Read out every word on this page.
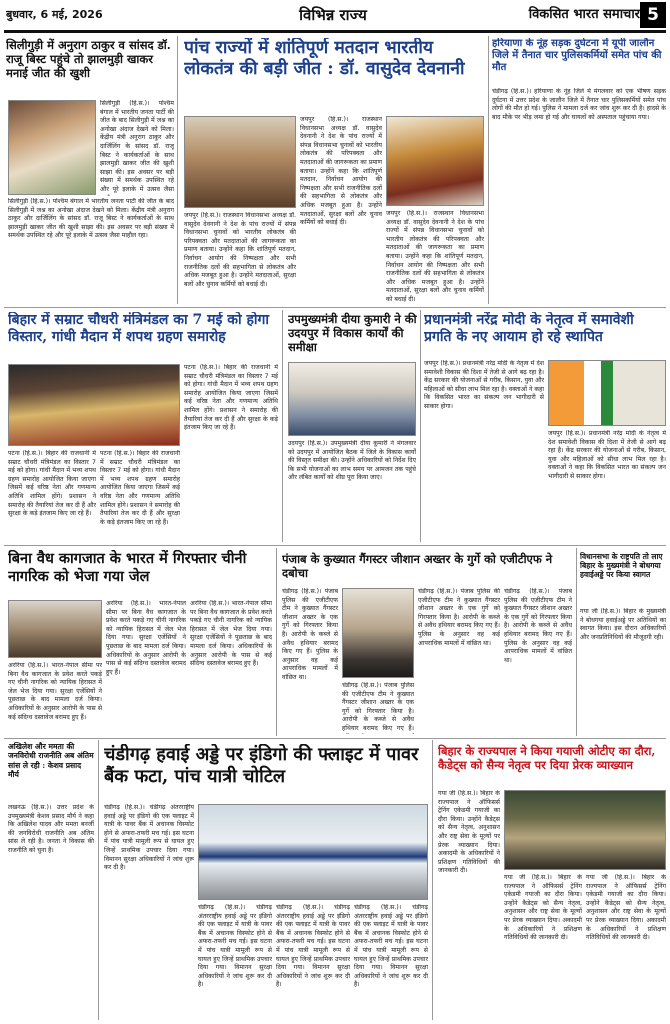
बुधवार, 6 मई, 2026	विभिन्न राज्य	विकसित भारत समाचार 5
सिलीगुड़ी में अनुराग ठाकुर व सांसद डॉ. राजू बिस्ट पहुंचे तो झालमुड़ी खाकर मनाई जीत की खुशी
सिलीगुड़ी (हि.स.)। पश्चिम बंगाल में भारतीय जनता पार्टी की जीत के बाद सिलीगुड़ी में जश्न का अनोखा अंदाज देखने को मिला। केंद्रीय मंत्री अनुराग ठाकुर और दार्जिलिंग के सांसद डॉ. राजू बिस्ट ने कार्यकर्ताओं के साथ झालमुड़ी खाकर जीत की खुशी साझा की। इस अवसर पर बड़ी संख्या में समर्थक उपस्थित रहे और पूरे इलाके में उत्सव जैसा
सिलीगुड़ी (हि.स.)। पश्चिम बंगाल में भारतीय जनता पार्टी की जीत के बाद सिलीगुड़ी में जश्न का अनोखा अंदाज देखने को मिला। केंद्रीय मंत्री अनुराग ठाकुर और दार्जिलिंग के सांसद डॉ. राजू बिस्ट ने कार्यकर्ताओं के साथ झालमुड़ी खाकर जीत की खुशी साझा की। इस अवसर पर बड़ी संख्या में समर्थक उपस्थित रहे और पूरे इलाके में उत्सव जैसा माहौल रहा।
पांच राज्यों में शांतिपूर्ण मतदान भारतीय लोकतंत्र की बड़ी जीत : डॉ. वासुदेव देवनानी
जयपुर (हि.स.)। राजस्थान विधानसभा अध्यक्ष डॉ. वासुदेव देवनानी ने देश के पांच राज्यों में संपन्न विधानसभा चुनावों को भारतीय लोकतंत्र की परिपक्वता और मतदाताओं की जागरूकता का प्रमाण बताया। उन्होंने कहा कि शांतिपूर्ण मतदान, निर्वाचन आयोग की निष्पक्षता और सभी राजनीतिक दलों की सहभागिता से लोकतंत्र और अधिक मजबूत हुआ है। उन्होंने मतदाताओं, सुरक्षा बलों और चुनाव कर्मियों को बधाई दी।
जयपुर (हि.स.)। राजस्थान विधानसभा अध्यक्ष डॉ. वासुदेव देवनानी ने देश के पांच राज्यों में संपन्न विधानसभा चुनावों को भारतीय लोकतंत्र की परिपक्वता और मतदाताओं की जागरूकता का प्रमाण बताया। उन्होंने कहा कि शांतिपूर्ण मतदान, निर्वाचन आयोग की निष्पक्षता और सभी राजनीतिक दलों की सहभागिता से लोकतंत्र और अधिक मजबूत हुआ है। उन्होंने मतदाताओं, सुरक्षा बलों और चुनाव कर्मियों को बधाई दी।
जयपुर (हि.स.)। राजस्थान विधानसभा अध्यक्ष डॉ. वासुदेव देवनानी ने देश के पांच राज्यों में संपन्न विधानसभा चुनावों को भारतीय लोकतंत्र की परिपक्वता और मतदाताओं की जागरूकता का प्रमाण बताया। उन्होंने कहा कि शांतिपूर्ण मतदान, निर्वाचन आयोग की निष्पक्षता और सभी राजनीतिक दलों की सहभागिता से लोकतंत्र और अधिक मजबूत हुआ है। उन्होंने मतदाताओं, सुरक्षा बलों और चुनाव कर्मियों को बधाई दी।
हरियाणा के नूंह सड़क दुर्घटना में यूपी जालौन जिले में तैनात चार पुलिसकर्मियों समेत पांच की मौत
चंडीगढ़ (हि.स.)। हरियाणा के नूंह जिले में मंगलवार को एक भीषण सड़क दुर्घटना में उत्तर प्रदेश के जालौन जिले में तैनात चार पुलिसकर्मियों समेत पांच लोगों की मौत हो गई। पुलिस ने मामला दर्ज कर जांच शुरू कर दी है। हादसे के बाद मौके पर भीड़ जमा हो गई और घायलों को अस्पताल पहुंचाया गया।
बिहार में सम्राट चौधरी मंत्रिमंडल का 7 मई को होगा विस्तार, गांधी मैदान में शपथ ग्रहण समारोह
पटना (हि.स.)। बिहार की राजधानी में सम्राट चौधरी मंत्रिमंडल का विस्तार 7 मई को होगा। गांधी मैदान में भव्य शपथ ग्रहण समारोह आयोजित किया जाएगा जिसमें कई वरिष्ठ नेता और गणमान्य अतिथि शामिल होंगे। प्रशासन ने समारोह की तैयारियां तेज कर दी हैं और सुरक्षा के कड़े इंतजाम किए जा रहे हैं।
पटना (हि.स.)। बिहार की राजधानी में सम्राट चौधरी मंत्रिमंडल का विस्तार 7 मई को होगा। गांधी मैदान में भव्य शपथ ग्रहण समारोह आयोजित किया जाएगा जिसमें कई वरिष्ठ नेता और गणमान्य अतिथि शामिल होंगे। प्रशासन ने समारोह की तैयारियां तेज कर दी हैं और सुरक्षा के कड़े इंतजाम किए जा रहे हैं।
पटना (हि.स.)। बिहार की राजधानी में सम्राट चौधरी मंत्रिमंडल का विस्तार 7 मई को होगा। गांधी मैदान में भव्य शपथ ग्रहण समारोह आयोजित किया जाएगा जिसमें कई वरिष्ठ नेता और गणमान्य अतिथि शामिल होंगे। प्रशासन ने समारोह की तैयारियां तेज कर दी हैं और सुरक्षा के कड़े इंतजाम किए जा रहे हैं।
उपमुख्यमंत्री दीया कुमारी ने की उदयपुर में विकास कार्यों की समीक्षा
उदयपुर (हि.स.)। उपमुख्यमंत्री दीया कुमारी ने मंगलवार को उदयपुर में आयोजित बैठक में जिले के विकास कार्यों की विस्तृत समीक्षा की। उन्होंने अधिकारियों को निर्देश दिए कि सभी योजनाओं का लाभ समय पर आमजन तक पहुंचे और लंबित कार्यों को शीघ्र पूरा किया जाए।
प्रधानमंत्री नरेंद्र मोदी के नेतृत्व में समावेशी प्रगति के नए आयाम हो रहे स्थापित
जयपुर (हि.स.)। प्रधानमंत्री नरेंद्र मोदी के नेतृत्व में देश समावेशी विकास की दिशा में तेजी से आगे बढ़ रहा है। केंद्र सरकार की योजनाओं से गरीब, किसान, युवा और महिलाओं को सीधा लाभ मिल रहा है। वक्ताओं ने कहा कि विकसित भारत का संकल्प जन भागीदारी से साकार होगा।
जयपुर (हि.स.)। प्रधानमंत्री नरेंद्र मोदी के नेतृत्व में देश समावेशी विकास की दिशा में तेजी से आगे बढ़ रहा है। केंद्र सरकार की योजनाओं से गरीब, किसान, युवा और महिलाओं को सीधा लाभ मिल रहा है। वक्ताओं ने कहा कि विकसित भारत का संकल्प जन भागीदारी से साकार होगा।
बिना वैध कागजात के भारत में गिरफ्तार चीनी नागरिक को भेजा गया जेल
अररिया (हि.स.)। भारत-नेपाल सीमा पर बिना वैध कागजात के प्रवेश करते पकड़े गए चीनी नागरिक को न्यायिक हिरासत में जेल भेज दिया गया। सुरक्षा एजेंसियों ने पूछताछ के बाद मामला दर्ज किया। अधिकारियों के अनुसार आरोपी के पास से कई संदिग्ध दस्तावेज बरामद हुए हैं।
अररिया (हि.स.)। भारत-नेपाल सीमा पर बिना वैध कागजात के प्रवेश करते पकड़े गए चीनी नागरिक को न्यायिक हिरासत में जेल भेज दिया गया। सुरक्षा एजेंसियों ने पूछताछ के बाद मामला दर्ज किया। अधिकारियों के अनुसार आरोपी के पास से कई संदिग्ध दस्तावेज बरामद हुए हैं।
अररिया (हि.स.)। भारत-नेपाल सीमा पर बिना वैध कागजात के प्रवेश करते पकड़े गए चीनी नागरिक को न्यायिक हिरासत में जेल भेज दिया गया। सुरक्षा एजेंसियों ने पूछताछ के बाद मामला दर्ज किया। अधिकारियों के अनुसार आरोपी के पास से कई संदिग्ध दस्तावेज बरामद हुए हैं।
पंजाब के कुख्यात गैंगस्टर जीशान अख्तर के गुर्गे को एजीटीएफ ने दबोचा
चंडीगढ़ (हि.स.)। पंजाब पुलिस की एजीटीएफ टीम ने कुख्यात गैंगस्टर जीशान अख्तर के एक गुर्गे को गिरफ्तार किया है। आरोपी के कब्जे से अवैध हथियार बरामद किए गए हैं। पुलिस के अनुसार वह कई आपराधिक मामलों में वांछित था।
चंडीगढ़ (हि.स.)। पंजाब पुलिस की एजीटीएफ टीम ने कुख्यात गैंगस्टर जीशान अख्तर के एक गुर्गे को गिरफ्तार किया है। आरोपी के कब्जे से अवैध हथियार बरामद किए गए हैं।
चंडीगढ़ (हि.स.)। पंजाब पुलिस की एजीटीएफ टीम ने कुख्यात गैंगस्टर जीशान अख्तर के एक गुर्गे को गिरफ्तार किया है। आरोपी के कब्जे से अवैध हथियार बरामद किए गए हैं। पुलिस के अनुसार वह कई आपराधिक मामलों में वांछित था।
चंडीगढ़ (हि.स.)। पंजाब पुलिस की एजीटीएफ टीम ने कुख्यात गैंगस्टर जीशान अख्तर के एक गुर्गे को गिरफ्तार किया है। आरोपी के कब्जे से अवैध हथियार बरामद किए गए हैं। पुलिस के अनुसार वह कई आपराधिक मामलों में वांछित था।
विधानसभा के राष्ट्रपति तो लाए बिहार के मुख्यमंत्री ने बोधगया हवाईअड्डे पर किया स्वागत
गया जी (हि.स.)। बिहार के मुख्यमंत्री ने बोधगया हवाईअड्डे पर अतिथियों का स्वागत किया। इस दौरान अधिकारियों और जनप्रतिनिधियों की मौजूदगी रही।
अखिलेश और ममता की जनविरोधी राजनीति अब अंतिम सांस ले रही : केशव प्रसाद मौर्य
लखनऊ (हि.स.)। उत्तर प्रदेश के उपमुख्यमंत्री केशव प्रसाद मौर्य ने कहा कि अखिलेश यादव और ममता बनर्जी की जनविरोधी राजनीति अब अंतिम सांस ले रही है। जनता ने विकास की राजनीति को चुना है।
चंडीगढ़ हवाई अड्डे पर इंडिगो की फ्लाइट में पावर बैंक फटा, पांच यात्री चोटिल
चंडीगढ़ (हि.स.)। चंडीगढ़ अंतरराष्ट्रीय हवाई अड्डे पर इंडिगो की एक फ्लाइट में यात्री के पावर बैंक में अचानक विस्फोट होने से अफरा-तफरी मच गई। इस घटना में पांच यात्री मामूली रूप से घायल हुए जिन्हें प्राथमिक उपचार दिया गया। विमानन सुरक्षा अधिकारियों ने जांच शुरू कर दी है।
चंडीगढ़ (हि.स.)। चंडीगढ़ अंतरराष्ट्रीय हवाई अड्डे पर इंडिगो की एक फ्लाइट में यात्री के पावर बैंक में अचानक विस्फोट होने से अफरा-तफरी मच गई। इस घटना में पांच यात्री मामूली रूप से घायल हुए जिन्हें प्राथमिक उपचार दिया गया। विमानन सुरक्षा अधिकारियों ने जांच शुरू कर दी है।
चंडीगढ़ (हि.स.)। चंडीगढ़ अंतरराष्ट्रीय हवाई अड्डे पर इंडिगो की एक फ्लाइट में यात्री के पावर बैंक में अचानक विस्फोट होने से अफरा-तफरी मच गई। इस घटना में पांच यात्री मामूली रूप से घायल हुए जिन्हें प्राथमिक उपचार दिया गया। विमानन सुरक्षा अधिकारियों ने जांच शुरू कर दी है।
चंडीगढ़ (हि.स.)। चंडीगढ़ अंतरराष्ट्रीय हवाई अड्डे पर इंडिगो की एक फ्लाइट में यात्री के पावर बैंक में अचानक विस्फोट होने से अफरा-तफरी मच गई। इस घटना में पांच यात्री मामूली रूप से घायल हुए जिन्हें प्राथमिक उपचार दिया गया। विमानन सुरक्षा अधिकारियों ने जांच शुरू कर दी है।
बिहार के राज्यपाल ने किया गयाजी ओटीए का दौरा, कैडेट्स को सैन्य नेतृत्व पर दिया प्रेरक व्याख्यान
गया जी (हि.स.)। बिहार के राज्यपाल ने ऑफिसर्स ट्रेनिंग एकेडमी गयाजी का दौरा किया। उन्होंने कैडेट्स को सैन्य नेतृत्व, अनुशासन और राष्ट्र सेवा के मूल्यों पर प्रेरक व्याख्यान दिया। अकादमी के अधिकारियों ने प्रशिक्षण गतिविधियों की जानकारी दी।
गया जी (हि.स.)। बिहार के राज्यपाल ने ऑफिसर्स ट्रेनिंग एकेडमी गयाजी का दौरा किया। उन्होंने कैडेट्स को सैन्य नेतृत्व, अनुशासन और राष्ट्र सेवा के मूल्यों पर प्रेरक व्याख्यान दिया। अकादमी के अधिकारियों ने प्रशिक्षण गतिविधियों की जानकारी दी।
गया जी (हि.स.)। बिहार के राज्यपाल ने ऑफिसर्स ट्रेनिंग एकेडमी गयाजी का दौरा किया। उन्होंने कैडेट्स को सैन्य नेतृत्व, अनुशासन और राष्ट्र सेवा के मूल्यों पर प्रेरक व्याख्यान दिया। अकादमी के अधिकारियों ने प्रशिक्षण गतिविधियों की जानकारी दी।
